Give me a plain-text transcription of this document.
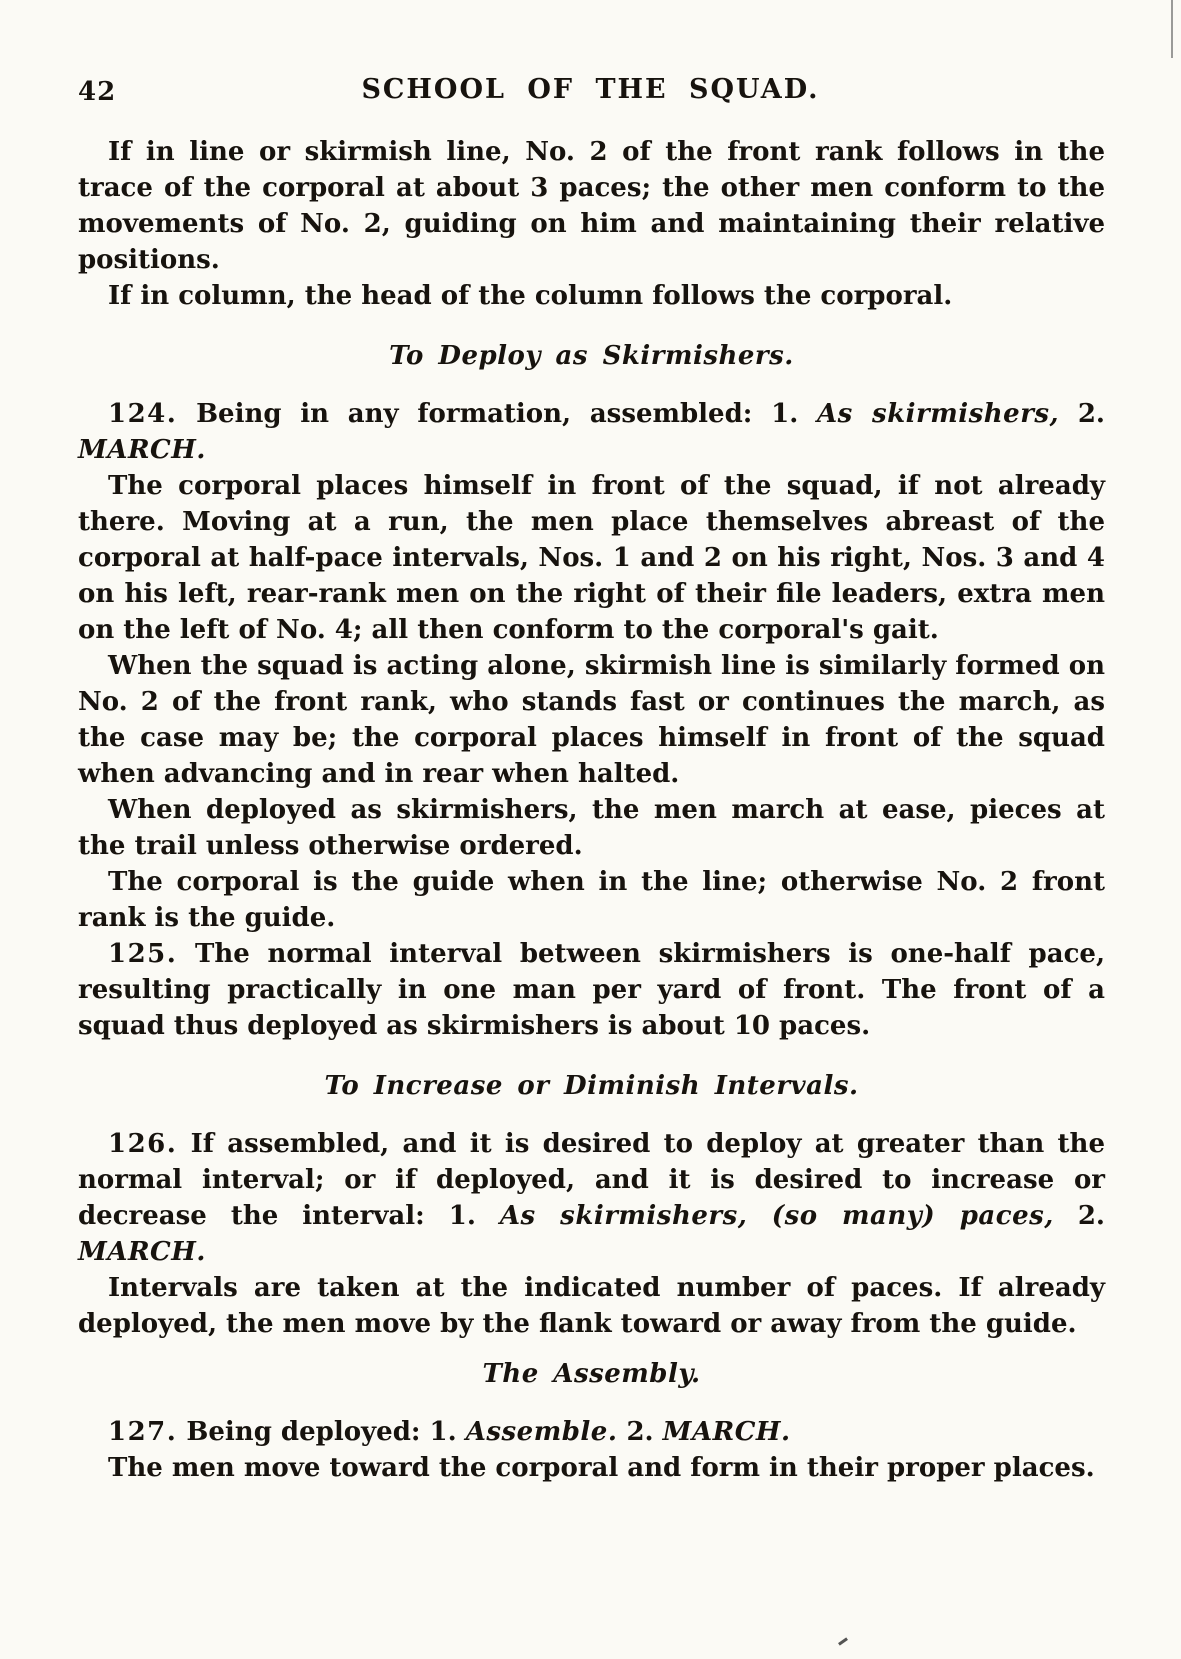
42	SCHOOL OF THE SQUAD.

If in line or skirmish line, No. 2 of the front rank follows in the trace of the corporal at about 3 paces; the other men conform to the movements of No. 2, guiding on him and maintaining their relative positions.

If in column, the head of the column follows the corporal.

To Deploy as Skirmishers.

124. Being in any formation, assembled: 1. As skirmishers, 2. MARCH.

The corporal places himself in front of the squad, if not already there. Moving at a run, the men place themselves abreast of the corporal at half-pace intervals, Nos. 1 and 2 on his right, Nos. 3 and 4 on his left, rear-rank men on the right of their file leaders, extra men on the left of No. 4; all then conform to the corporal's gait.

When the squad is acting alone, skirmish line is similarly formed on No. 2 of the front rank, who stands fast or continues the march, as the case may be; the corporal places himself in front of the squad when advancing and in rear when halted.

When deployed as skirmishers, the men march at ease, pieces at the trail unless otherwise ordered.

The corporal is the guide when in the line; otherwise No. 2 front rank is the guide.

125. The normal interval between skirmishers is one-half pace, resulting practically in one man per yard of front. The front of a squad thus deployed as skirmishers is about 10 paces.

To Increase or Diminish Intervals.

126. If assembled, and it is desired to deploy at greater than the normal interval; or if deployed, and it is desired to increase or decrease the interval: 1. As skirmishers, (so many) paces, 2. MARCH.

Intervals are taken at the indicated number of paces. If already deployed, the men move by the flank toward or away from the guide.

The Assembly.

127. Being deployed: 1. Assemble. 2. MARCH.

The men move toward the corporal and form in their proper places.
